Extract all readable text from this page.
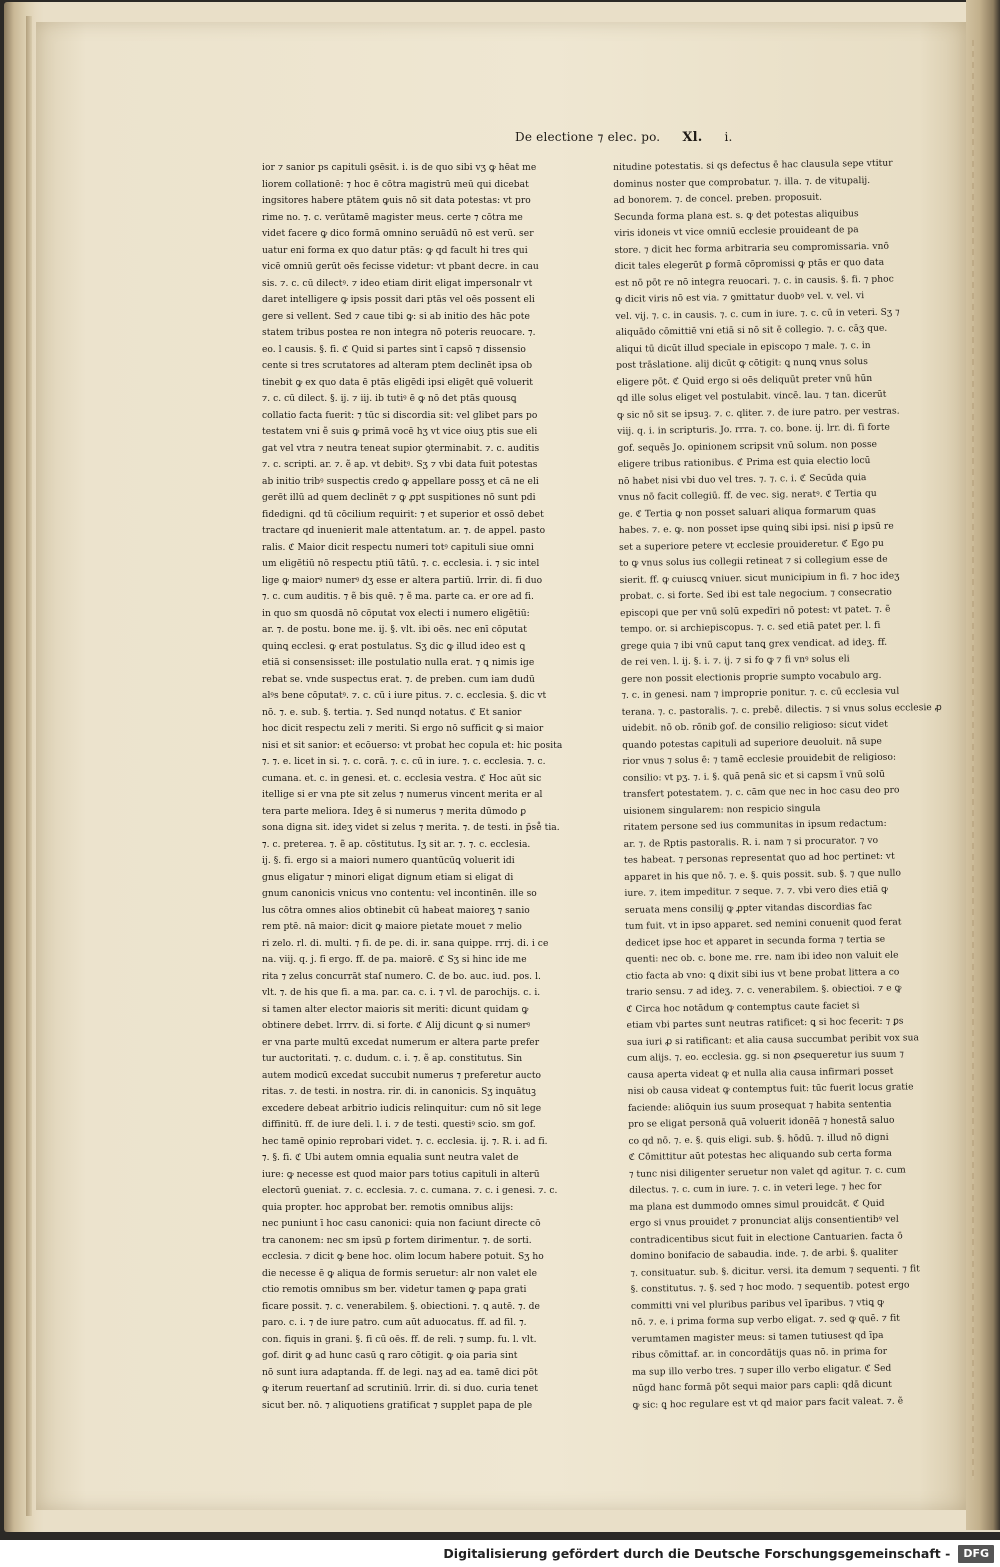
De electione ⁊ elec. po. Xl. i.
ior ⁊ sanior ps capituli ꝯsēsit. i. is de quo sibi vʒ ꝙ hēat me
liorem collationē: ⁊ hoc ē cōtra magistrū meū qui dicebat
ingsitores habere ptātem ꝙuis nō sit data potestas: vt pro
rime no. ⁊. c. verūtamē magister meus. certe ⁊ cōtra me
videt facere ꝙ dico formā omnino seruādū nō est verū. ser
uatur eni forma ex quo datur ptās: ꝙ qd facult hi tres qui
vicē omniū gerūt oēs fecisse videtur: vt pbant decre. in cau
sis. ⁊. c. cū dilectꝰ. ⁊ ideo etiam dirit eligat impersonalr vt
daret intelligere ꝙ ipsis possit dari ptās vel oēs possent eli
gere si vellent. Sed ⁊ caue tibi ꝙ: si ab initio des hāc pote
statem tribus postea re non integra nō poteris reuocare. ⁊.
eo. l causis. §. fi. ℭ Quid si partes sint ī capsō ⁊ dissensio
cente si tres scrutatores ad alteram ptem declinēt ipsa ob
tinebit ꝙ ex quo data ē ptās eligēdi ipsi eligēt quē voluerit
⁊. c. cū dilect. §. ij. ⁊ iij. ib tutiꝰ ē ꝙ nō det ptās quousꝗ
collatio facta fuerit: ⁊ tūc si discordia sit: vel glibet pars po
testatem vni ẽ suis ꝙ primā vocē hʒ vt vice oiuʒ ptis sue eli
gat vel vtra ⁊ neutra teneat supior ꝯterminabit. ⁊. c. auditis
⁊. c. scripti. ar. ⁊. ẽ ap. vt debitꝰ. Sʒ ⁊ vbi data fuit potestas
ab initio tribꝰ suspectis credo ꝙ appellare possʒ et cā ne eli
gerēt illū ad quem declinēt ⁊ ꝙ ꝓpt suspitiones nō sunt pdi
fidedigni. qd tū cōcilium requirit: ⁊ et superior et ossō debet
tractare qd inuenierit male attentatum. ar. ⁊. de appel. pasto
ralis. ℭ Maior dicit respectu numeri totꝰ capituli siue omni
um eligētiū nō respectu ptiū tātū. ⁊. c. ecclesia. i. ⁊ sic intel
lige ꝙ maiorꝰ numerꝰ dʒ esse er altera partiū. lrrir. di. fi duo
⁊. c. cum auditis. ⁊ ẽ bis quē. ⁊ ẽ ma. parte ca. er ore ad fi.
in quo sm quosdā nō cōputat vox electi i numero eligētiū:
ar. ⁊. de postu. bone me. ij. §. vlt. ibi oēs. nec enī cōputat
quinꝗ ecclesi. ꝙ erat postulatus. Sʒ dic ꝙ illud ideo est ꝗ
etiā si consensisset: ille postulatio nulla erat. ⁊ ꝗ nimis ige
rebat se. vnde suspectus erat. ⁊. de preben. cum iam dudū
alꝰs bene cōputatꝰ. ⁊. c. cū i iure pitus. ⁊. c. ecclesia. §. dic vt
nō. ⁊. e. sub. §. tertia. ⁊. Sed nunqd notatus. ℭ Et sanior
hoc dicit respectu zeli ⁊ meriti. Si ergo nō sufficit ꝙ si maior
nisi et sit sanior: et ecōuerso: vt probat hec copula et: hic posita
⁊. ⁊. e. licet in si. ⁊. c. corā. ⁊. c. cū in iure. ⁊. c. ecclesia. ⁊. c.
cumana. et. c. in genesi. et. c. ecclesia vestra. ℭ Hoc aūt sic
itellige si er vna pte sit zelus ⁊ numerus vincent merita er al
tera parte meliora. Ideʒ ē si numerus ⁊ merita dūmodo ꝑ
sona digna sit. ideʒ videt si zelus ⁊ merita. ⁊. de testi. in p̄se̊ tia.
⁊. c. preterea. ⁊. ẽ ap. cōstitutus. Iʒ sit ar. ⁊. ⁊. c. ecclesia.
ij. §. fi. ergo si a maiori numero quantūcūꝗ voluerit idi
gnus eligatur ⁊ minori eligat dignum etiam si eligat di
gnum canonicis vnicus vno contentu: vel incontinēn. ille so
lus cōtra omnes alios obtinebit cū habeat maioreʒ ⁊ sanio
rem ptē. nā maior: dicit ꝙ maiore pietate mouet ⁊ melio
ri zelo. rl. di. multi. ⁊ fi. de pe. di. ir. sana quippe. rrrj. di. i ce
na. viij. q. j. fi ergo. ff. de pa. maiorē. ℭ Sʒ si hinc ide me
rita ⁊ zelus concurrāt staſ numero. C. de bo. auc. iud. pos. l.
vlt. ⁊. de his que fi. a ma. par. ca. c. i. ⁊ vl. de parochijs. c. i.
si tamen alter elector maioris sit meriti: dicunt quidam ꝙ
obtinere debet. lrrrv. di. si forte. ℭ Alij dicunt ꝙ si numerꝰ
er vna parte multū excedat numerum er altera parte prefer
tur auctoritati. ⁊. c. dudum. c. i. ⁊. ẽ ap. constitutus. Sin
autem modicū excedat succubit numerus ⁊ preferetur aucto
ritas. ⁊. de testi. in nostra. rir. di. in canonicis. Sʒ inquātuꝫ
excedere debeat arbitrio iudicis relinquitur: cum nō sit lege
diffinitū. ff. de iure deli. l. i. ⁊ de testi. questiꝰ scio. sm gof.
hec tamē opinio reprobari videt. ⁊. c. ecclesia. ij. ⁊. R. i. ad fi.
⁊. §. fi. ℭ Ubi autem omnia equalia sunt neutra valet de
iure: ꝙ necesse est quod maior pars totius capituli in alterū
electorū ꝯueniat. ⁊. c. ecclesia. ⁊. c. cumana. ⁊. c. i genesi. ⁊. c.
quia propter. hoc approbat ber. remotis omnibus alijs:
nec puniunt ī hoc casu canonici: quia non faciunt directe cō
tra canonem: nec sm ipsū ꝑ fortem dirimentur. ⁊. de sorti.
ecclesia. ⁊ dicit ꝙ bene hoc. olim locum habere potuit. Sʒ ho
die necesse ē ꝙ aliqua de formis seruetur: alr non valet ele
ctio remotis omnibus sm ber. videtur tamen ꝙ papa grati
ficare possit. ⁊. c. venerabilem. §. obiectioni. ⁊. ꝗ autē. ⁊. de
paro. c. i. ⁊ de iure patro. cum aūt aduocatus. ff. ad fil. ⁊.
con. fiquis in grani. §. fi cū oēs. ff. de reli. ⁊ sump. fu. l. vlt.
gof. dirit ꝙ ad hunc casū ꝗ raro cōtigit. ꝙ oia paria sint
nō sunt iura adaptanda. ff. de legi. naʒ ad ea. tamē dici pōt
ꝙ iterum reuertanſ ad scrutiniū. lrrir. di. si duo. curia tenet
sicut ber. nō. ⁊ aliquotiens gratificat ⁊ supplet papa de ple
nitudine potestatis. si qs defectus ē hac clausula sepe vtitur
dominus noster que comprobatur. ⁊. illa. ⁊. de vitupalij.
ad bonorem. ⁊. de concel. preben. proposuit.
Secunda forma plana est. s. ꝙ det potestas aliquibus
viris idoneis vt vice omniū ecclesie prouideant de pa
store. ⁊ dicit hec forma arbitraria seu compromissaria. vnō
dicit tales elegerūt ꝑ formā cōpromissi ꝙ ptās er quo data
est nō pōt re nō integra reuocari. ⁊. c. in causis. §. fi. ⁊ phoc
ꝙ dicit viris nō est via. ⁊ ꝯmittatur duobꝰ vel. v. vel. vi
vel. vij. ⁊. c. in causis. ⁊. c. cum in iure. ⁊. c. cū in veteri. Sʒ ⁊
aliquādo cōmittiē vni etiā si nō sit ē collegio. ⁊. c. cāʒ que.
aliqui tū dicūt illud speciale in episcopo ⁊ male. ⁊. c. in
post trāslatione. alij dicūt ꝙ cōtigit: ꝗ nunꝗ vnus solus
eligere pōt. ℭ Quid ergo si oēs deliquūt preter vnū hūn
qd ille solus eliget vel postulabit. vincē. lau. ⁊ tan. dicerūt
ꝙ sic nō sit se ipsuꝫ. ⁊. c. qliter. ⁊. de iure patro. per vestras.
viij. q. i. in scripturis. Jo. rrra. ⁊. co. bone. ij. lrr. di. fi forte
gof. sequēs Jo. opinionem scripsit vnū solum. non posse
eligere tribus rationibus. ℭ Prima est quia electio locū
nō habet nisi vbi duo vel tres. ⁊. ⁊. c. i. ℭ Secūda quia
vnus nō facit collegiū. ff. de vec. sig. neratꝰ. ℭ Tertia qu
ge. ℭ Tertia ꝙ non posset saluari aliqua formarum quas
habes. ⁊. e. ꝙ. non posset ipse quinꝗ sibi ipsi. nisi ꝑ ipsū re
set a superiore petere vt ecclesie prouideretur. ℭ Ego pu
to ꝙ vnus solus ius collegii retineat ⁊ si collegium esse de
sierit. ff. ꝙ cuiuscꝗ vniuer. sicut municipium in fi. ⁊ hoc ideʒ
probat. c. si forte. Sed ibi est tale negocium. ⁊ consecratio
episcopi que per vnū solū expedīri nō potest: vt patet. ⁊. ẽ
tempo. or. si archiepiscopus. ⁊. c. sed etiā patet per. l. fi
grege quia ⁊ ibi vnū caput tanꝗ grex vendicat. ad ideʒ. ff.
de rei ven. l. ij. §. i. ⁊. ij. ⁊ si fo ꝙ ⁊ fi vnꝰ solus eli
gere non possit electionis proprie sumpto vocabulo arg.
⁊. c. in genesi. nam ⁊ improprie ponitur. ⁊. c. cū ecclesia vul
terana. ⁊. c. pastoralis. ⁊. c. prebē. dilectis. ⁊ si vnus solus ecclesie ꝓ
uidebit. nō ob. rōnib gof. de consilio religioso: sicut videt
quando potestas capituli ad superiore deuoluit. nā supe
rior vnus ⁊ solus ē: ⁊ tamē ecclesie prouidebit de religioso:
consilio: vt pʒ. ⁊. i. §. quā penā sic et si capsm ī vnū solū
transfert potestatem. ⁊. c. cām que nec in hoc casu deo pro
uisionem singularem: non respicio singula
ritatem persone sed ius communitas in ipsum redactum:
ar. ⁊. de Rptis pastoralis. R. i. nam ⁊ si procurator. ⁊ vo
tes habeat. ⁊ personas representat quo ad hoc pertinet: vt
apparet in his que nō. ⁊. e. §. quis possit. sub. §. ⁊ que nullo
iure. ⁊. item impeditur. ⁊ seque. ⁊. ⁊. vbi vero dies etiā ꝙ
seruata mens consilij ꝙ ꝓpter vitandas discordias fac
tum fuit. vt in ipso apparet. sed nemini conuenit quod ferat
dedicet ipse hoc et apparet in secunda forma ⁊ tertia se
quenti: nec ob. c. bone me. rre. nam ibi ideo non valuit ele
ctio facta ab vno: ꝗ dixit sibi ius vt bene probat littera a co
trario sensu. ⁊ ad ideʒ. ⁊. c. venerabilem. §. obiectioi. ⁊ e ꝙ
ℭ Circa hoc notādum ꝙ contemptus caute faciet si
etiam vbi partes sunt neutras ratificet: ꝗ si hoc fecerit: ⁊ ꝑs
sua iuri ꝓ si ratificant: et alia causa succumbat peribit vox sua
cum alijs. ⁊. eo. ecclesia. gg. si non ꝓsequeretur ius suum ⁊
causa aperta videat ꝙ et nulla alia causa infirmari posset
nisi ob causa videat ꝙ contemptus fuit: tūc fuerit locus gratie
faciende: aliōquin ius suum prosequat ⁊ habita sententia
pro se eligat personā quā voluerit idonēā ⁊ honestā saluo
co qd nō. ⁊. e. §. quis eligi. sub. §. hōdū. ⁊. illud nō digni
ℭ Cōmittitur aūt potestas hec aliquando sub certa forma
⁊ tunc nisi diligenter seruetur non valet qd agitur. ⁊. c. cum
dilectus. ⁊. c. cum in iure. ⁊. c. in veteri lege. ⁊ hec for
ma plana est dummodo omnes simul prouidcāt. ℭ Quid
ergo si vnus prouidet ⁊ pronunciat alijs consentientibꝰ vel
contradicentibus sicut fuit in electione Cantuarien. facta ō
domino bonifacio de sabaudia. inde. ⁊. de arbi. §. qualiter
⁊. consituatur. sub. §. dicitur. versi. ita demum ⁊ sequenti. ⁊ fit
§. constitutus. ⁊. §. sed ⁊ hoc modo. ⁊ sequentib. potest ergo
committi vni vel pluribus paribus vel īparibus. ⁊ vtiꝗ ꝙ
nō. ⁊. e. i prima forma sup verbo eligat. ⁊. sed ꝙ quē. ⁊ fit
verumtamen magister meus: si tamen tutiusest qd īpa
ribus cōmittaf. ar. in concordātijs quas nō. in prima for
ma sup illo verbo tres. ⁊ super illo verbo eligatur. ℭ Sed
nūgd hanc formā pōt sequi maior pars capli: qdā dicunt
ꝙ sic: ꝗ hoc regulare est vt qd maior pars facit valeat. ⁊. ẽ
Digitalisierung gefördert durch die Deutsche Forschungsgemeinschaft -	DFG
